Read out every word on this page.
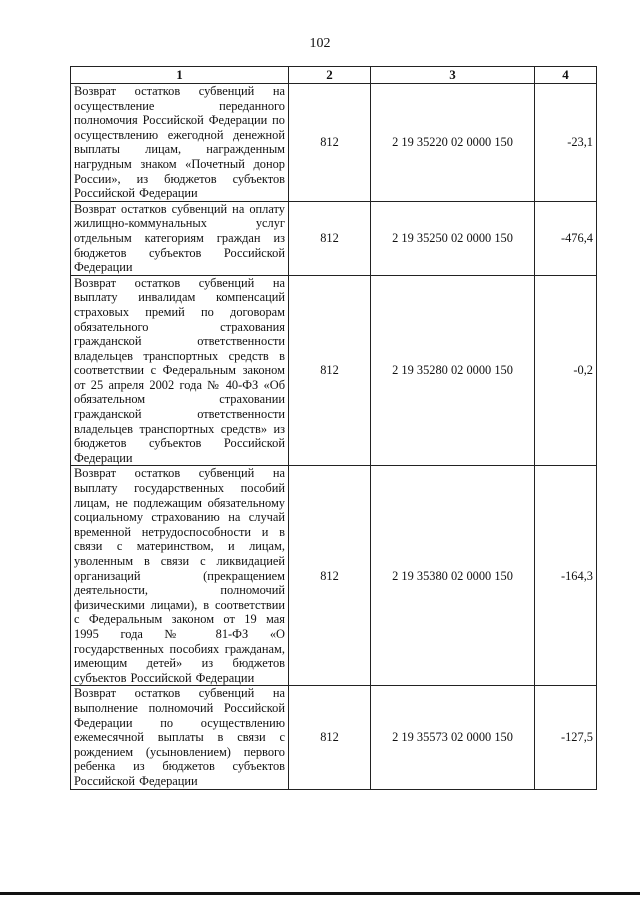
102
1	2	3	4
Возврат остатков субвенций на осуществление переданного полномочия Российской Федерации по осуществлению ежегодной денежной выплаты лицам, награжденным нагрудным знаком «Почетный донор России», из бюджетов субъектов Российской Федерации	812	2 19 35220 02 0000 150	-23,1
Возврат остатков субвенций на оплату жилищно-коммунальных услуг отдельным категориям граждан из бюджетов субъектов Российской Федерации	812	2 19 35250 02 0000 150	-476,4
Возврат остатков субвенций на выплату инвалидам компенсаций страховых премий по договорам обязательного страхования гражданской ответственности владельцев транспортных средств в соответствии с Федеральным законом от 25 апреля 2002 года № 40-ФЗ «Об обязательном страховании гражданской ответственности владельцев транспортных средств» из бюджетов субъектов Российской Федерации	812	2 19 35280 02 0000 150	-0,2
Возврат остатков субвенций на выплату государственных пособий лицам, не подлежащим обязательному социальному страхованию на случай временной нетрудоспособности и в связи с материнством, и лицам, уволенным в связи с ликвидацией организаций (прекращением деятельности, полномочий физическими лицами), в соответствии с Федеральным законом от 19 мая 1995 года № 81-ФЗ «О государственных пособиях гражданам, имеющим детей» из бюджетов субъектов Российской Федерации	812	2 19 35380 02 0000 150	-164,3
Возврат остатков субвенций на выполнение полномочий Российской Федерации по осуществлению ежемесячной выплаты в связи с рождением (усыновлением) первого ребенка из бюджетов субъектов Российской Федерации	812	2 19 35573 02 0000 150	-127,5
